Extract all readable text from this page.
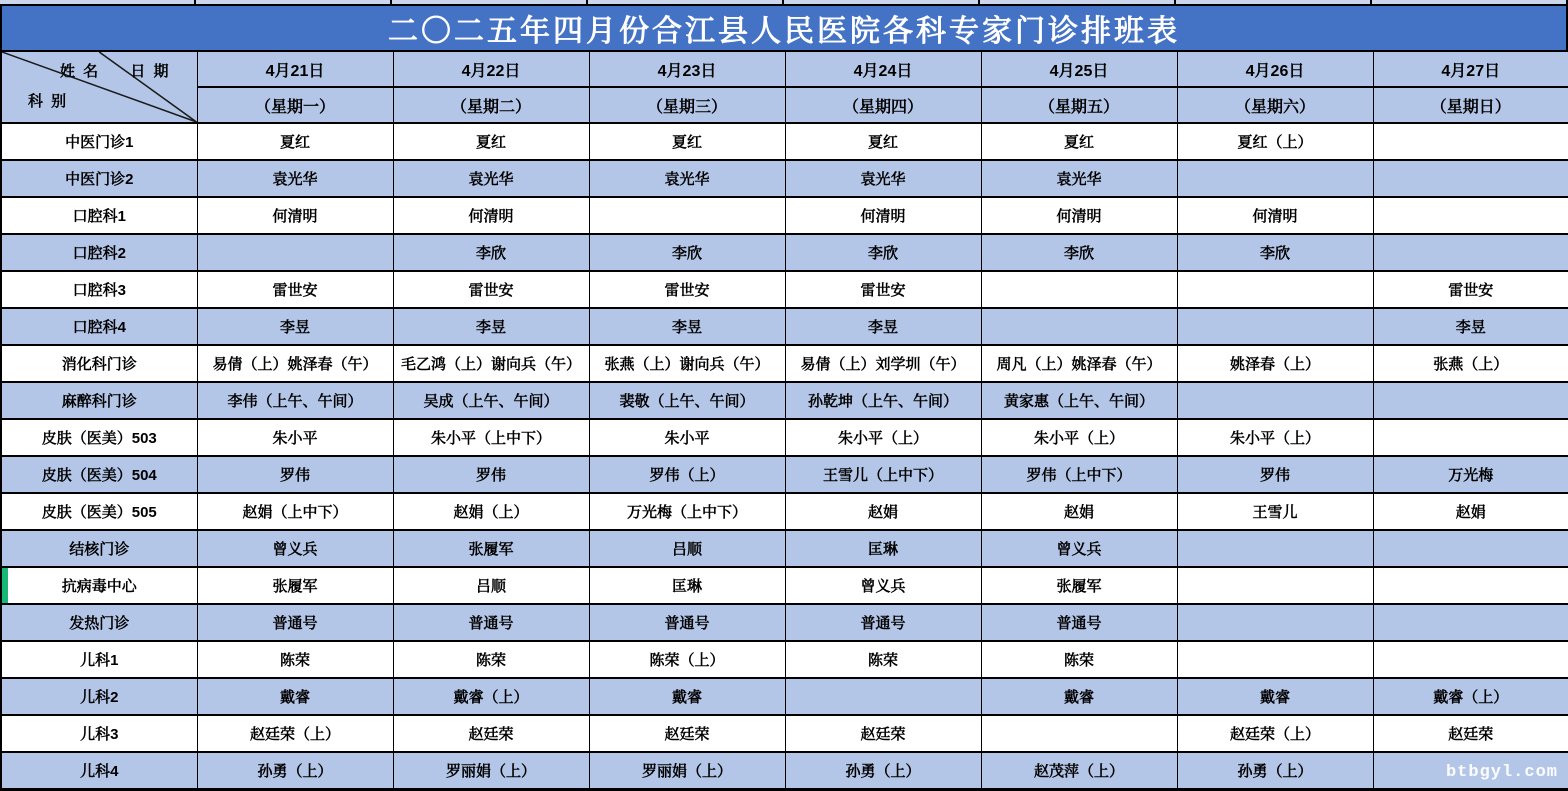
二〇二五年四月份合江县人民医院各科专家门诊排班表
姓 名 日 期
科 别	4月21日	4月22日	4月23日	4月24日	4月25日	4月26日	4月27日
	（星期一）	（星期二）	（星期三）	（星期四）	（星期五）	（星期六）	（星期日）
中医门诊1	夏红	夏红	夏红	夏红	夏红	夏红（上）	
中医门诊2	袁光华	袁光华	袁光华	袁光华	袁光华		
口腔科1	何清明	何清明		何清明	何清明	何清明	
口腔科2		李欣	李欣	李欣	李欣	李欣	
口腔科3	雷世安	雷世安	雷世安	雷世安			雷世安
口腔科4	李昱	李昱	李昱	李昱			李昱
消化科门诊	易倩（上）姚泽春（午）	毛乙鸿（上）谢向兵（午）	张燕（上）谢向兵（午）	易倩（上）刘学圳（午）	周凡（上）姚泽春（午）	姚泽春（上）	张燕（上）
麻醉科门诊	李伟（上午、午间）	吴成（上午、午间）	裴敬（上午、午间）	孙乾坤（上午、午间）	黄家惠（上午、午间）		
皮肤（医美）503	朱小平	朱小平（上中下）	朱小平	朱小平（上）	朱小平（上）	朱小平（上）	
皮肤（医美）504	罗伟	罗伟	罗伟（上）	王雪儿（上中下）	罗伟（上中下）	罗伟	万光梅
皮肤（医美）505	赵娟（上中下）	赵娟（上）	万光梅（上中下）	赵娟	赵娟	王雪儿	赵娟
结核门诊	曾义兵	张履军	吕顺	匡琳	曾义兵		
抗病毒中心	张履军	吕顺	匡琳	曾义兵	张履军		
发热门诊	普通号	普通号	普通号	普通号	普通号		
儿科1	陈荣	陈荣	陈荣（上）	陈荣	陈荣		
儿科2	戴睿	戴睿（上）	戴睿		戴睿	戴睿	戴睿（上）
儿科3	赵廷荣（上）	赵廷荣	赵廷荣	赵廷荣		赵廷荣（上）	赵廷荣
儿科4	孙勇（上）	罗丽娟（上）	罗丽娟（上）	孙勇（上）	赵茂萍（上）	孙勇（上）		btbgyl.com
